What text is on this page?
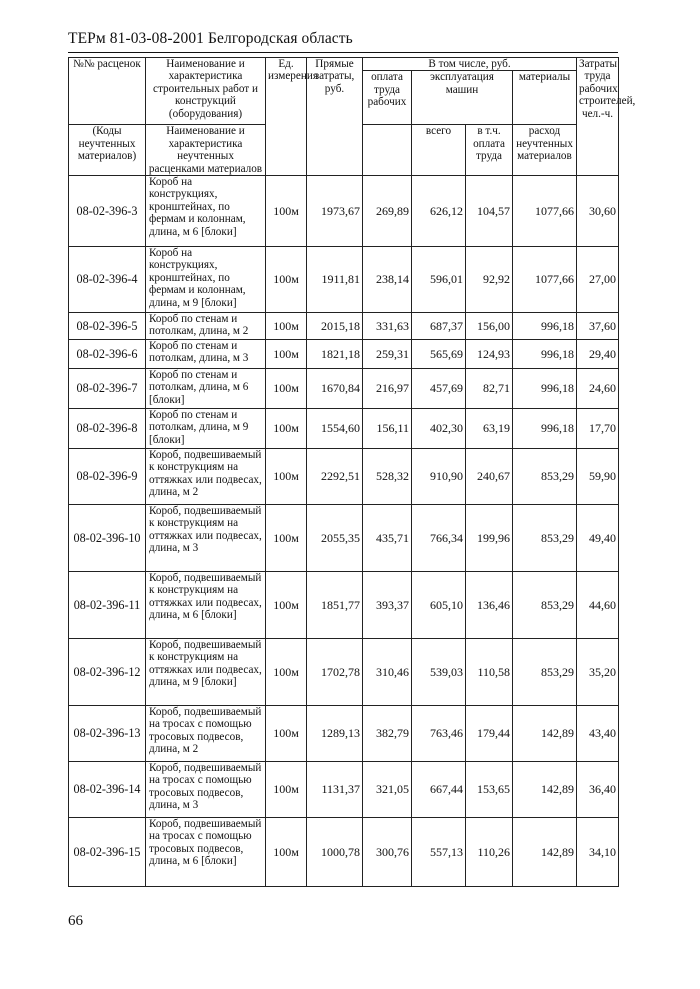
ТЕРм 81-03-08-2001 Белгородская область
№№ расценок	Наименование и характеристика строительных работ и конструкций (оборудования)	Ед. измерения	Прямые затраты, руб.	В том числе, руб.				Затраты труда рабочих строителей, чел.-ч.
				оплата труда рабочих	эксплуатация машин		материалы	

(Коды неучтенных материалов)	Наименование и характеристика неучтенных расценками материалов				всего	в т.ч. оплата труда	расход неучтенных материалов	

08-02-396-3	Короб на конструкциях, кронштейнах, по фермам и колоннам, длина, м 6 [блоки]	100м	1973,67	269,89	626,12	104,57	1077,66	30,60
08-02-396-4	Короб на конструкциях, кронштейнах, по фермам и колоннам, длина, м 9 [блоки]	100м	1911,81	238,14	596,01	92,92	1077,66	27,00
08-02-396-5	Короб по стенам и потолкам, длина, м 2	100м	2015,18	331,63	687,37	156,00	996,18	37,60
08-02-396-6	Короб по стенам и потолкам, длина, м 3	100м	1821,18	259,31	565,69	124,93	996,18	29,40
08-02-396-7	Короб по стенам и потолкам, длина, м 6 [блоки]	100м	1670,84	216,97	457,69	82,71	996,18	24,60
08-02-396-8	Короб по стенам и потолкам, длина, м 9 [блоки]	100м	1554,60	156,11	402,30	63,19	996,18	17,70
08-02-396-9	Короб, подвешиваемый к конструкциям на оттяжках или подвесах, длина, м 2	100м	2292,51	528,32	910,90	240,67	853,29	59,90
08-02-396-10	Короб, подвешиваемый к конструкциям на оттяжках или подвесах, длина, м 3	100м	2055,35	435,71	766,34	199,96	853,29	49,40
08-02-396-11	Короб, подвешиваемый к конструкциям на оттяжках или подвесах, длина, м 6 [блоки]	100м	1851,77	393,37	605,10	136,46	853,29	44,60
08-02-396-12	Короб, подвешиваемый к конструкциям на оттяжках или подвесах, длина, м 9 [блоки]	100м	1702,78	310,46	539,03	110,58	853,29	35,20
08-02-396-13	Короб, подвешиваемый на тросах с помощью тросовых подвесов, длина, м 2	100м	1289,13	382,79	763,46	179,44	142,89	43,40
08-02-396-14	Короб, подвешиваемый на тросах с помощью тросовых подвесов, длина, м 3	100м	1131,37	321,05	667,44	153,65	142,89	36,40
08-02-396-15	Короб, подвешиваемый на тросах с помощью тросовых подвесов, длина, м 6 [блоки]	100м	1000,78	300,76	557,13	110,26	142,89	34,10
66
